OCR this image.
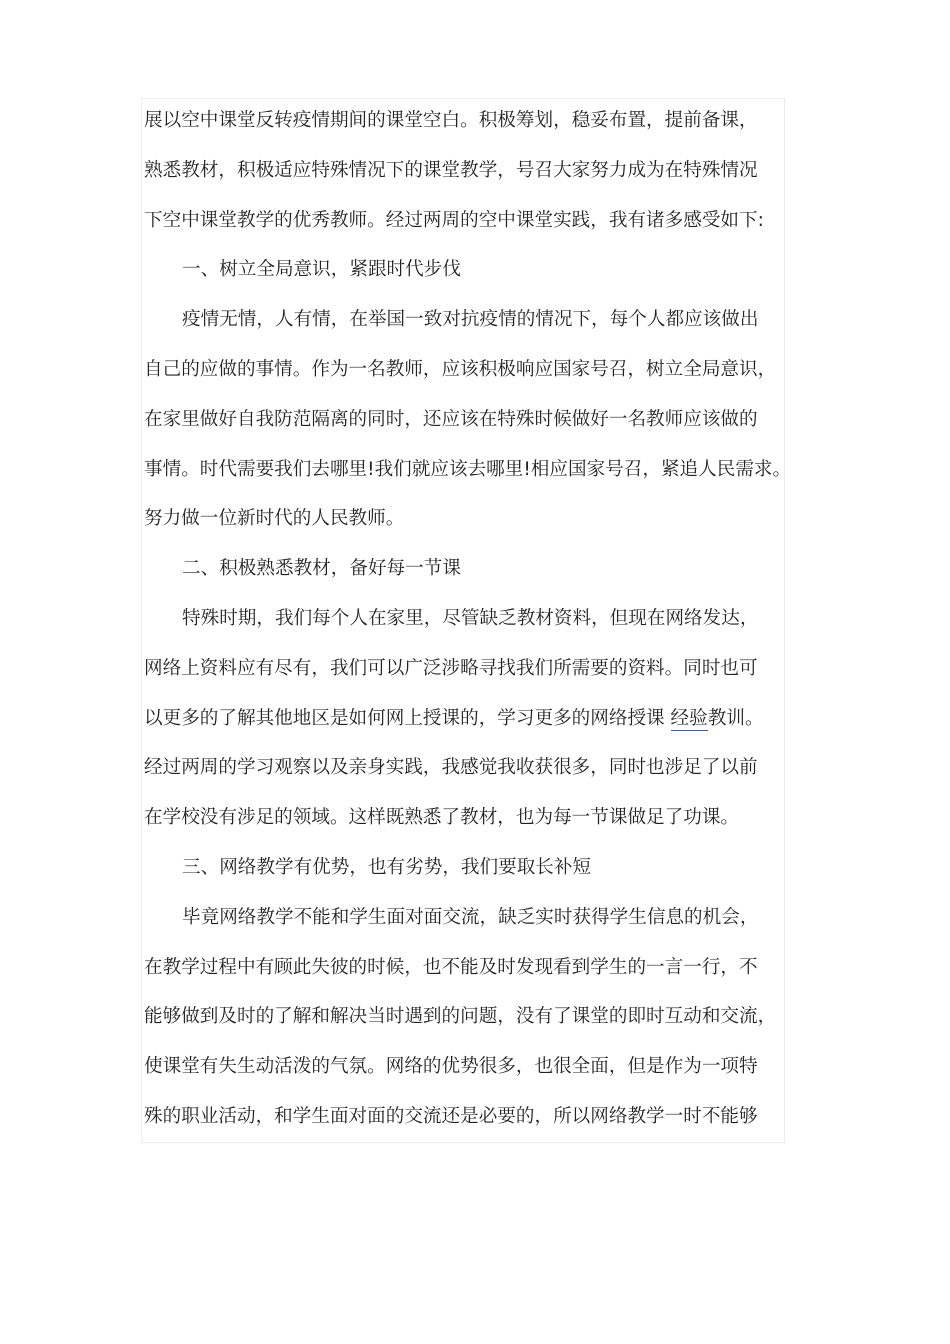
展以空中课堂反转疫情期间的课堂空白。积极筹划，稳妥布置，提前备课，
熟悉教材，积极适应特殊情况下的课堂教学，号召大家努力成为在特殊情况
下空中课堂教学的优秀教师。经过两周的空中课堂实践，我有诸多感受如下:
一、树立全局意识，紧跟时代步伐
疫情无情，人有情，在举国一致对抗疫情的情况下，每个人都应该做出
自己的应做的事情。作为一名教师，应该积极响应国家号召，树立全局意识，
在家里做好自我防范隔离的同时，还应该在特殊时候做好一名教师应该做的
事情。时代需要我们去哪里!我们就应该去哪里!相应国家号召，紧追人民需求。
努力做一位新时代的人民教师。
二、积极熟悉教材，备好每一节课
特殊时期，我们每个人在家里，尽管缺乏教材资料，但现在网络发达，
网络上资料应有尽有，我们可以广泛涉略寻找我们所需要的资料。同时也可
以更多的了解其他地区是如何网上授课的，学习更多的网络授课 经验教训。
经过两周的学习观察以及亲身实践，我感觉我收获很多，同时也涉足了以前
在学校没有涉足的领域。这样既熟悉了教材，也为每一节课做足了功课。
三、网络教学有优势，也有劣势，我们要取长补短
毕竟网络教学不能和学生面对面交流，缺乏实时获得学生信息的机会，
在教学过程中有顾此失彼的时候，也不能及时发现看到学生的一言一行，不
能够做到及时的了解和解决当时遇到的问题，没有了课堂的即时互动和交流，
使课堂有失生动活泼的气氛。网络的优势很多，也很全面，但是作为一项特
殊的职业活动，和学生面对面的交流还是必要的，所以网络教学一时不能够
